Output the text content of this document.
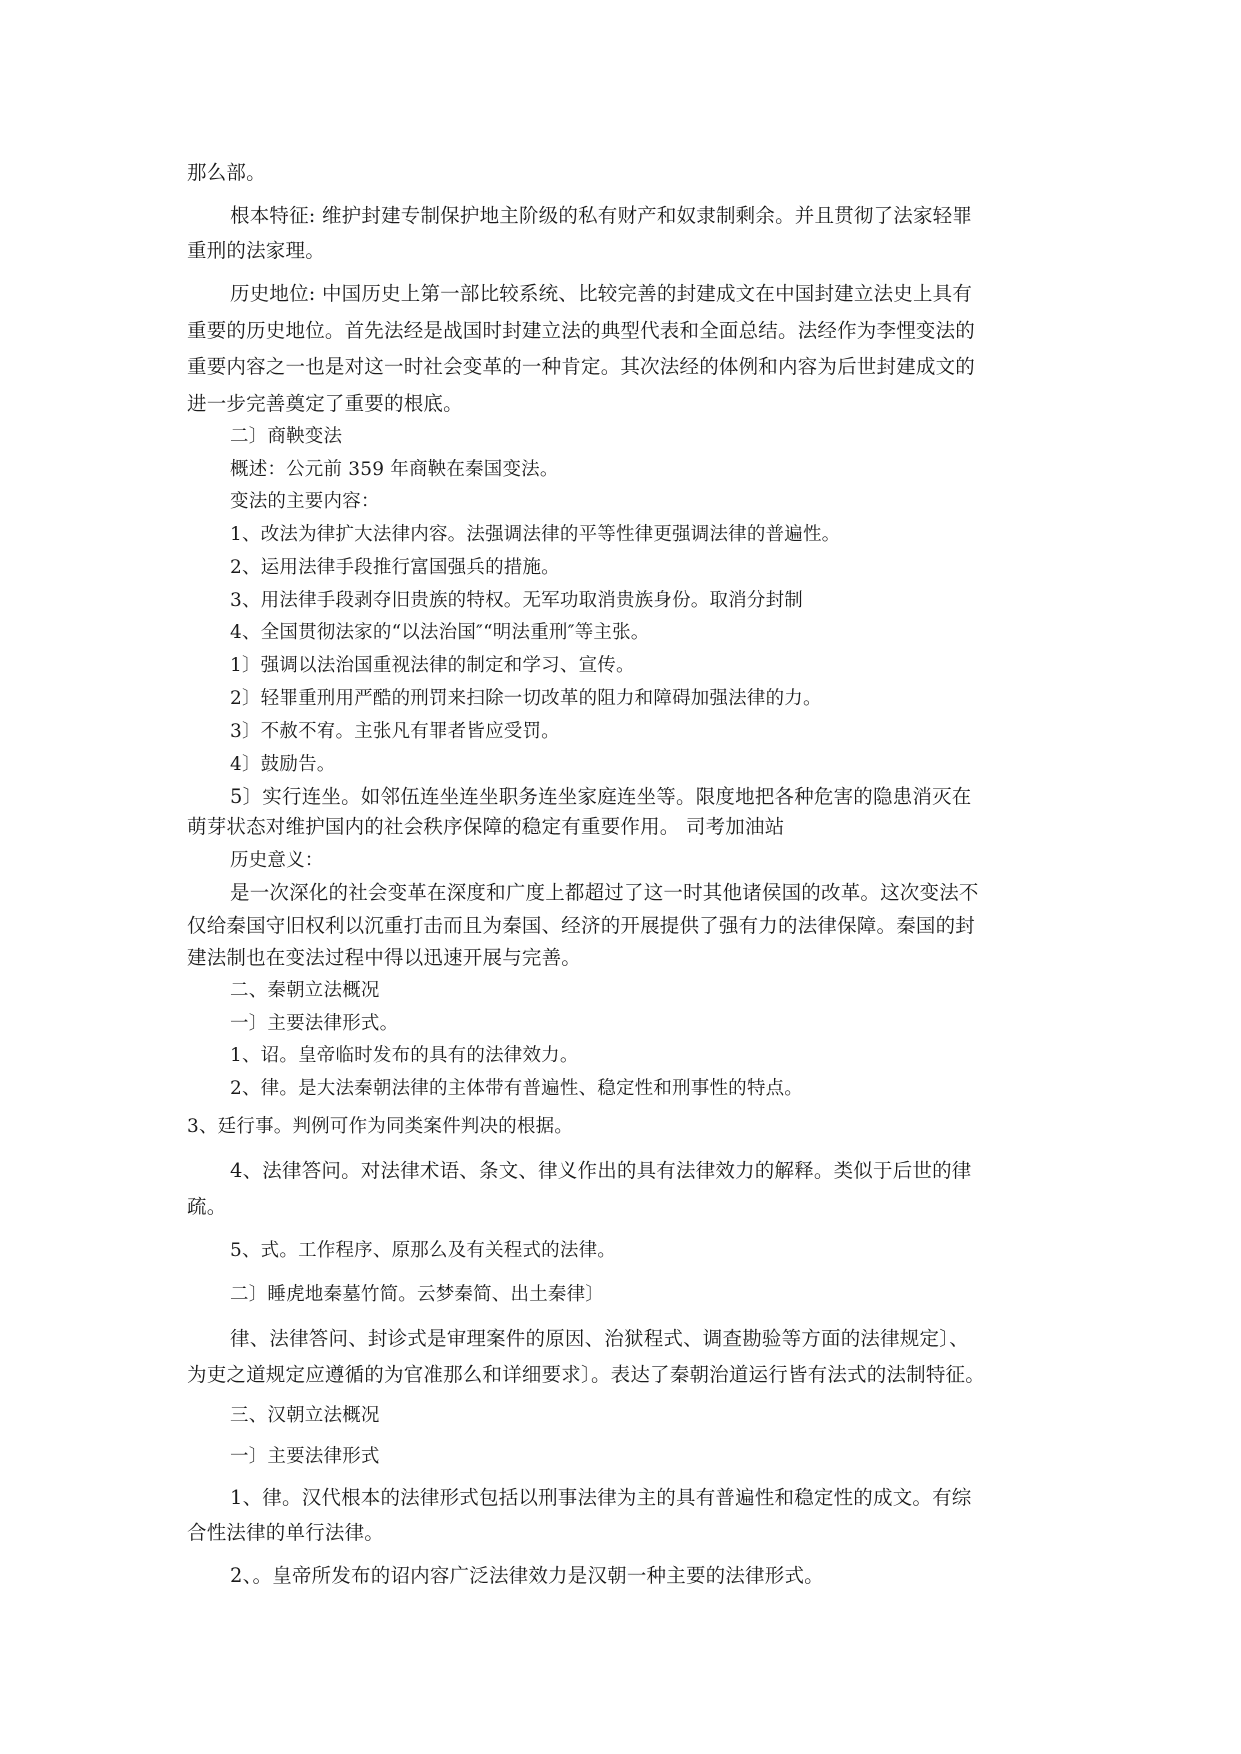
那么部。
根本特征: 维护封建专制保护地主阶级的私有财产和奴隶制剩余。并且贯彻了法家轻罪
重刑的法家理。
历史地位: 中国历史上第一部比较系统、比较完善的封建成文在中国封建立法史上具有
重要的历史地位。首先法经是战国时封建立法的典型代表和全面总结。法经作为李悝变法的
重要内容之一也是对这一时社会变革的一种肯定。其次法经的体例和内容为后世封建成文的
进一步完善奠定了重要的根底。
二〕商鞅变法
概述：公元前 359 年商鞅在秦国变法。
变法的主要内容：
1、改法为律扩大法律内容。法强调法律的平等性律更强调法律的普遍性。
2、运用法律手段推行富国强兵的措施。
3、用法律手段剥夺旧贵族的特权。无军功取消贵族身份。取消分封制
4、全国贯彻法家的“以法治国″“明法重刑″等主张。
1〕强调以法治国重视法律的制定和学习、宣传。
2〕轻罪重刑用严酷的刑罚来扫除一切改革的阻力和障碍加强法律的力。
3〕不赦不宥。主张凡有罪者皆应受罚。
4〕鼓励告。
5〕实行连坐。如邻伍连坐连坐职务连坐家庭连坐等。限度地把各种危害的隐患消灭在
萌芽状态对维护国内的社会秩序保障的稳定有重要作用。 司考加油站
历史意义：
是一次深化的社会变革在深度和广度上都超过了这一时其他诸侯国的改革。这次变法不
仅给秦国守旧权利以沉重打击而且为秦国、经济的开展提供了强有力的法律保障。秦国的封
建法制也在变法过程中得以迅速开展与完善。
二、秦朝立法概况
一〕主要法律形式。
1、诏。皇帝临时发布的具有的法律效力。
2、律。是大法秦朝法律的主体带有普遍性、稳定性和刑事性的特点。
3、廷行事。判例可作为同类案件判决的根据。
4、法律答问。对法律术语、条文、律义作出的具有法律效力的解释。类似于后世的律
疏。
5、式。工作程序、原那么及有关程式的法律。
二〕睡虎地秦墓竹简。云梦秦简、出土秦律〕
律、法律答问、封诊式是审理案件的原因、治狱程式、调查勘验等方面的法律规定〕、
为吏之道规定应遵循的为官准那么和详细要求〕。表达了秦朝治道运行皆有法式的法制特征。
三、汉朝立法概况
一〕主要法律形式
1、律。汉代根本的法律形式包括以刑事法律为主的具有普遍性和稳定性的成文。有综
合性法律的单行法律。
2、。皇帝所发布的诏内容广泛法律效力是汉朝一种主要的法律形式。
